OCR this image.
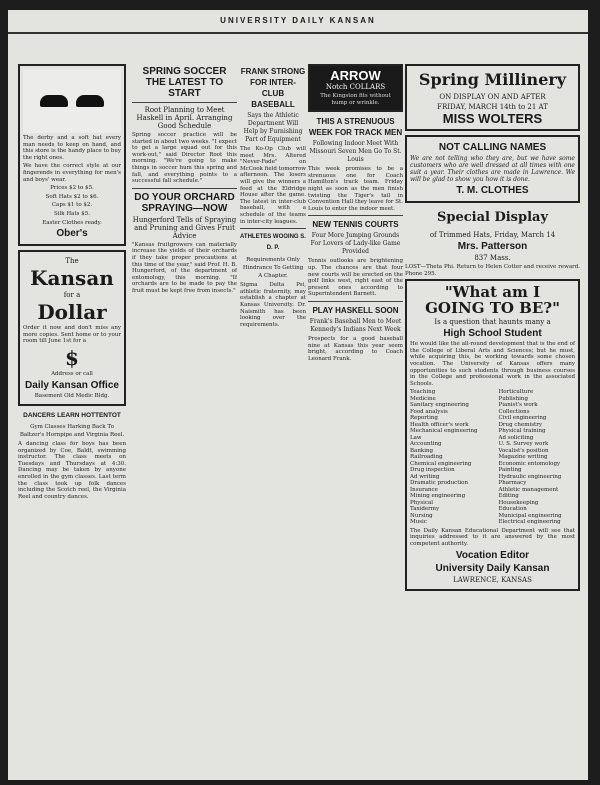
UNIVERSITY DAILY KANSAN

The derby and a soft hat every man needs to keep on hand, and this store is the handy place to buy the right ones.

We have the correct style at our fingerends in everything for men's and boys' wear.

Prices $2 to $5.

Soft Hats $2 to $6.

Caps $1 to $2.

Silk Hats $5.

Easter Clothes ready.

Ober's
The
Kansan
for a
Dollar

Order it now and don't miss any more copies. Sent home or to your room till June 1st for a

$

Address or call

Daily Kansan Office

Basement Old Medic Bldg.

DANCERS LEARN HOTTENTOT
Gym Classes Harking Back To Baltzer's Hornpipe and Virginia Reel.

A dancing class for boys has been organized by Coe, Baldt, swimming instructor. The class meets on Tuesdays and Thursdays at 4:30. Dancing may be taken by anyone enrolled in the gym classes. Last term the class took up folk dances including the Scotch reel, the Virginia Reel and country dances.

SPRING SOCCER THE LATEST TO START
Root Planning to Meet Haskell in April. Arranging Good Schedule

Spring soccer practice will be started in about two weeks. "I expect to get a large squad out for this work-out," said Director Root this morning. "We're going to make things in soccer hum this spring and fall, and everything points to a successful fall schedule."

DO YOUR ORCHARD SPRAYING—NOW
Hungerford Tells of Spraying and Pruning and Gives Fruit Advice

"Kansas fruitgrowers can materially increase the yields of their orchards if they take proper precautions at this time of the year," said Prof. H. B. Hungerford, of the department of entomology, this morning. "If orchards are to be made to pay the fruit must be kept free from insects."

FRANK STRONG FOR INTER-CLUB BASEBALL
Says the Athletic Department Will Help by Furnishing Part of Equipment

The Ko-Op Club will meet Mrs. Altered "Never-Fade" on McCook field tomorrow afternoon. The losers will give the winners a feed at the Eldridge House after the game. The latest in inter-club baseball, with a schedule of the teams in inter-city leagues.

ATHLETES WOOING S. D. P.
Requirements Only Hindrance To Getting A Chapter.

Sigma Delta Psi, athletic fraternity, may establish a chapter at Kansas University. Dr. Naismith has been looking over the requirements.

ARROW
Notch COLLARS

The Kingston fits without hump or wrinkle.

THIS A STRENUOUS WEEK FOR TRACK MEN
Following Indoor Meet With Missouri Seven Men Go To St. Louis

This week promises to be a strenuous one for Coach Hamilton's track team. Friday night as soon as the men finish twisting the Tiger's tail in Convention Hall they leave for St. Louis to enter the indoor meet.

NEW TENNIS COURTS
Four More Jumping Grounds For Lovers of Lady-like Game Provided

Tennis outlooks are brightening up. The chances are that four new courts will be erected on the golf links west, right east of the present ones according to Superintendent Barnett.

PLAY HASKELL SOON
Frank's Baseball Men to Meet Kennedy's Indians Next Week

Prospects for a good baseball nine at Kansas this year seem bright, according to Coach Leonard Frank.

Spring Millinery
ON DISPLAY ON AND AFTER
FRIDAY, MARCH 14th to 21 AT
MISS WOLTERS
NOT CALLING NAMES

We are not telling who they are, but we have some customers who are well dressed at all times with one suit a year. Their clothes are made in Lawrence. We will be glad to show you how it is done.

T. M. CLOTHES
Special Display
of Trimmed Hats, Friday, March 14
Mrs. Patterson
837 Mass.

LOST—Theta Phi. Return to Helen Cotter and receive reward. Phone 295.

"What am I
GOING TO BE?"
Is a question that haunts many a
High School Student

He would like the all-round development that is the end of the College of Liberal Arts and Sciences; but he must, while acquiring this, be working towards some chosen vocation. The University of Kansas offers many opportunities to such students through business courses in the College and professional work in the associated Schools.

Teaching
Medicine
Sanitary engineering
Food analysis
Reporting
Health officer's work
Mechanical engineering
Law
Accounting
Banking
Railroading
Chemical engineering
Drug inspection
Ad writing
Dramatic production
Insurance
Mining engineering
Physical
Taxidermy
Nursing
Music
Horticulture
Publishing
Pianist's work
Collections
Civil engineering
Drug chemistry
Physical training
Ad soliciting
U. S. Survey work
Vocalist's position
Magazine writing
Economic entomology
Painting
Hydraulic engineering
Pharmacy
Athletic management
Editing
Housekeeping
Education
Municipal engineering
Electrical engineering

The Daily Kansan Educational Department will see that inquiries addressed to it are answered by the most competent authority.

Vocation Editor
University Daily Kansan
LAWRENCE, KANSAS
